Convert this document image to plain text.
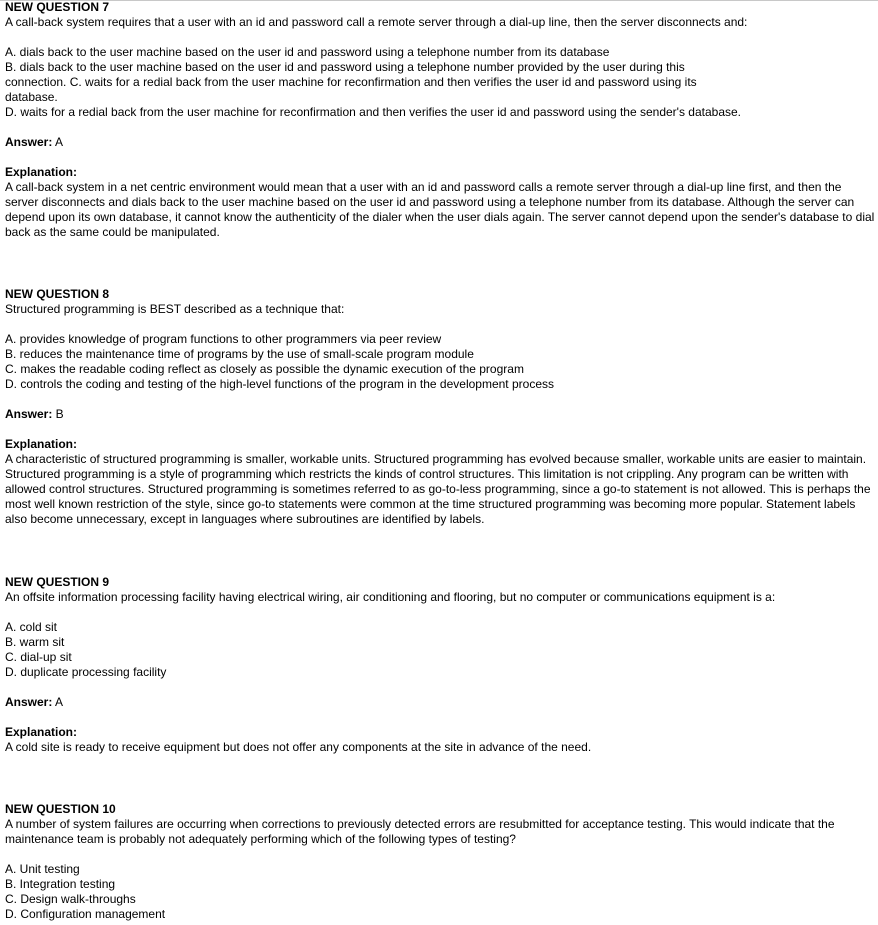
NEW QUESTION 7
A call-back system requires that a user with an id and password call a remote server through a dial-up line, then the server disconnects and:
A. dials back to the user machine based on the user id and password using a telephone number from its database
B. dials back to the user machine based on the user id and password using a telephone number provided by the user during this connection. C. waits for a redial back from the user machine for reconfirmation and then verifies the user id and password using its database.
D. waits for a redial back from the user machine for reconfirmation and then verifies the user id and password using the sender's database.
Answer: A
Explanation:
A call-back system in a net centric environment would mean that a user with an id and password calls a remote server through a dial-up line first, and then the server disconnects and dials back to the user machine based on the user id and password using a telephone number from its database. Although the server can depend upon its own database, it cannot know the authenticity of the dialer when the user dials again. The server cannot depend upon the sender's database to dial back as the same could be manipulated.
NEW QUESTION 8
Structured programming is BEST described as a technique that:
A. provides knowledge of program functions to other programmers via peer review
B. reduces the maintenance time of programs by the use of small-scale program module
C. makes the readable coding reflect as closely as possible the dynamic execution of the program
D. controls the coding and testing of the high-level functions of the program in the development process
Answer: B
Explanation:
A characteristic of structured programming is smaller, workable units. Structured programming has evolved because smaller, workable units are easier to maintain. Structured programming is a style of programming which restricts the kinds of control structures. This limitation is not crippling. Any program can be written with allowed control structures. Structured programming is sometimes referred to as go-to-less programming, since a go-to statement is not allowed. This is perhaps the most well known restriction of the style, since go-to statements were common at the time structured programming was becoming more popular. Statement labels also become unnecessary, except in languages where subroutines are identified by labels.
NEW QUESTION 9
An offsite information processing facility having electrical wiring, air conditioning and flooring, but no computer or communications equipment is a:
A. cold sit
B. warm sit
C. dial-up sit
D. duplicate processing facility
Answer: A
Explanation:
A cold site is ready to receive equipment but does not offer any components at the site in advance of the need.
NEW QUESTION 10
A number of system failures are occurring when corrections to previously detected errors are resubmitted for acceptance testing. This would indicate that the maintenance team is probably not adequately performing which of the following types of testing?
A. Unit testing
B. Integration testing
C. Design walk-throughs
D. Configuration management
